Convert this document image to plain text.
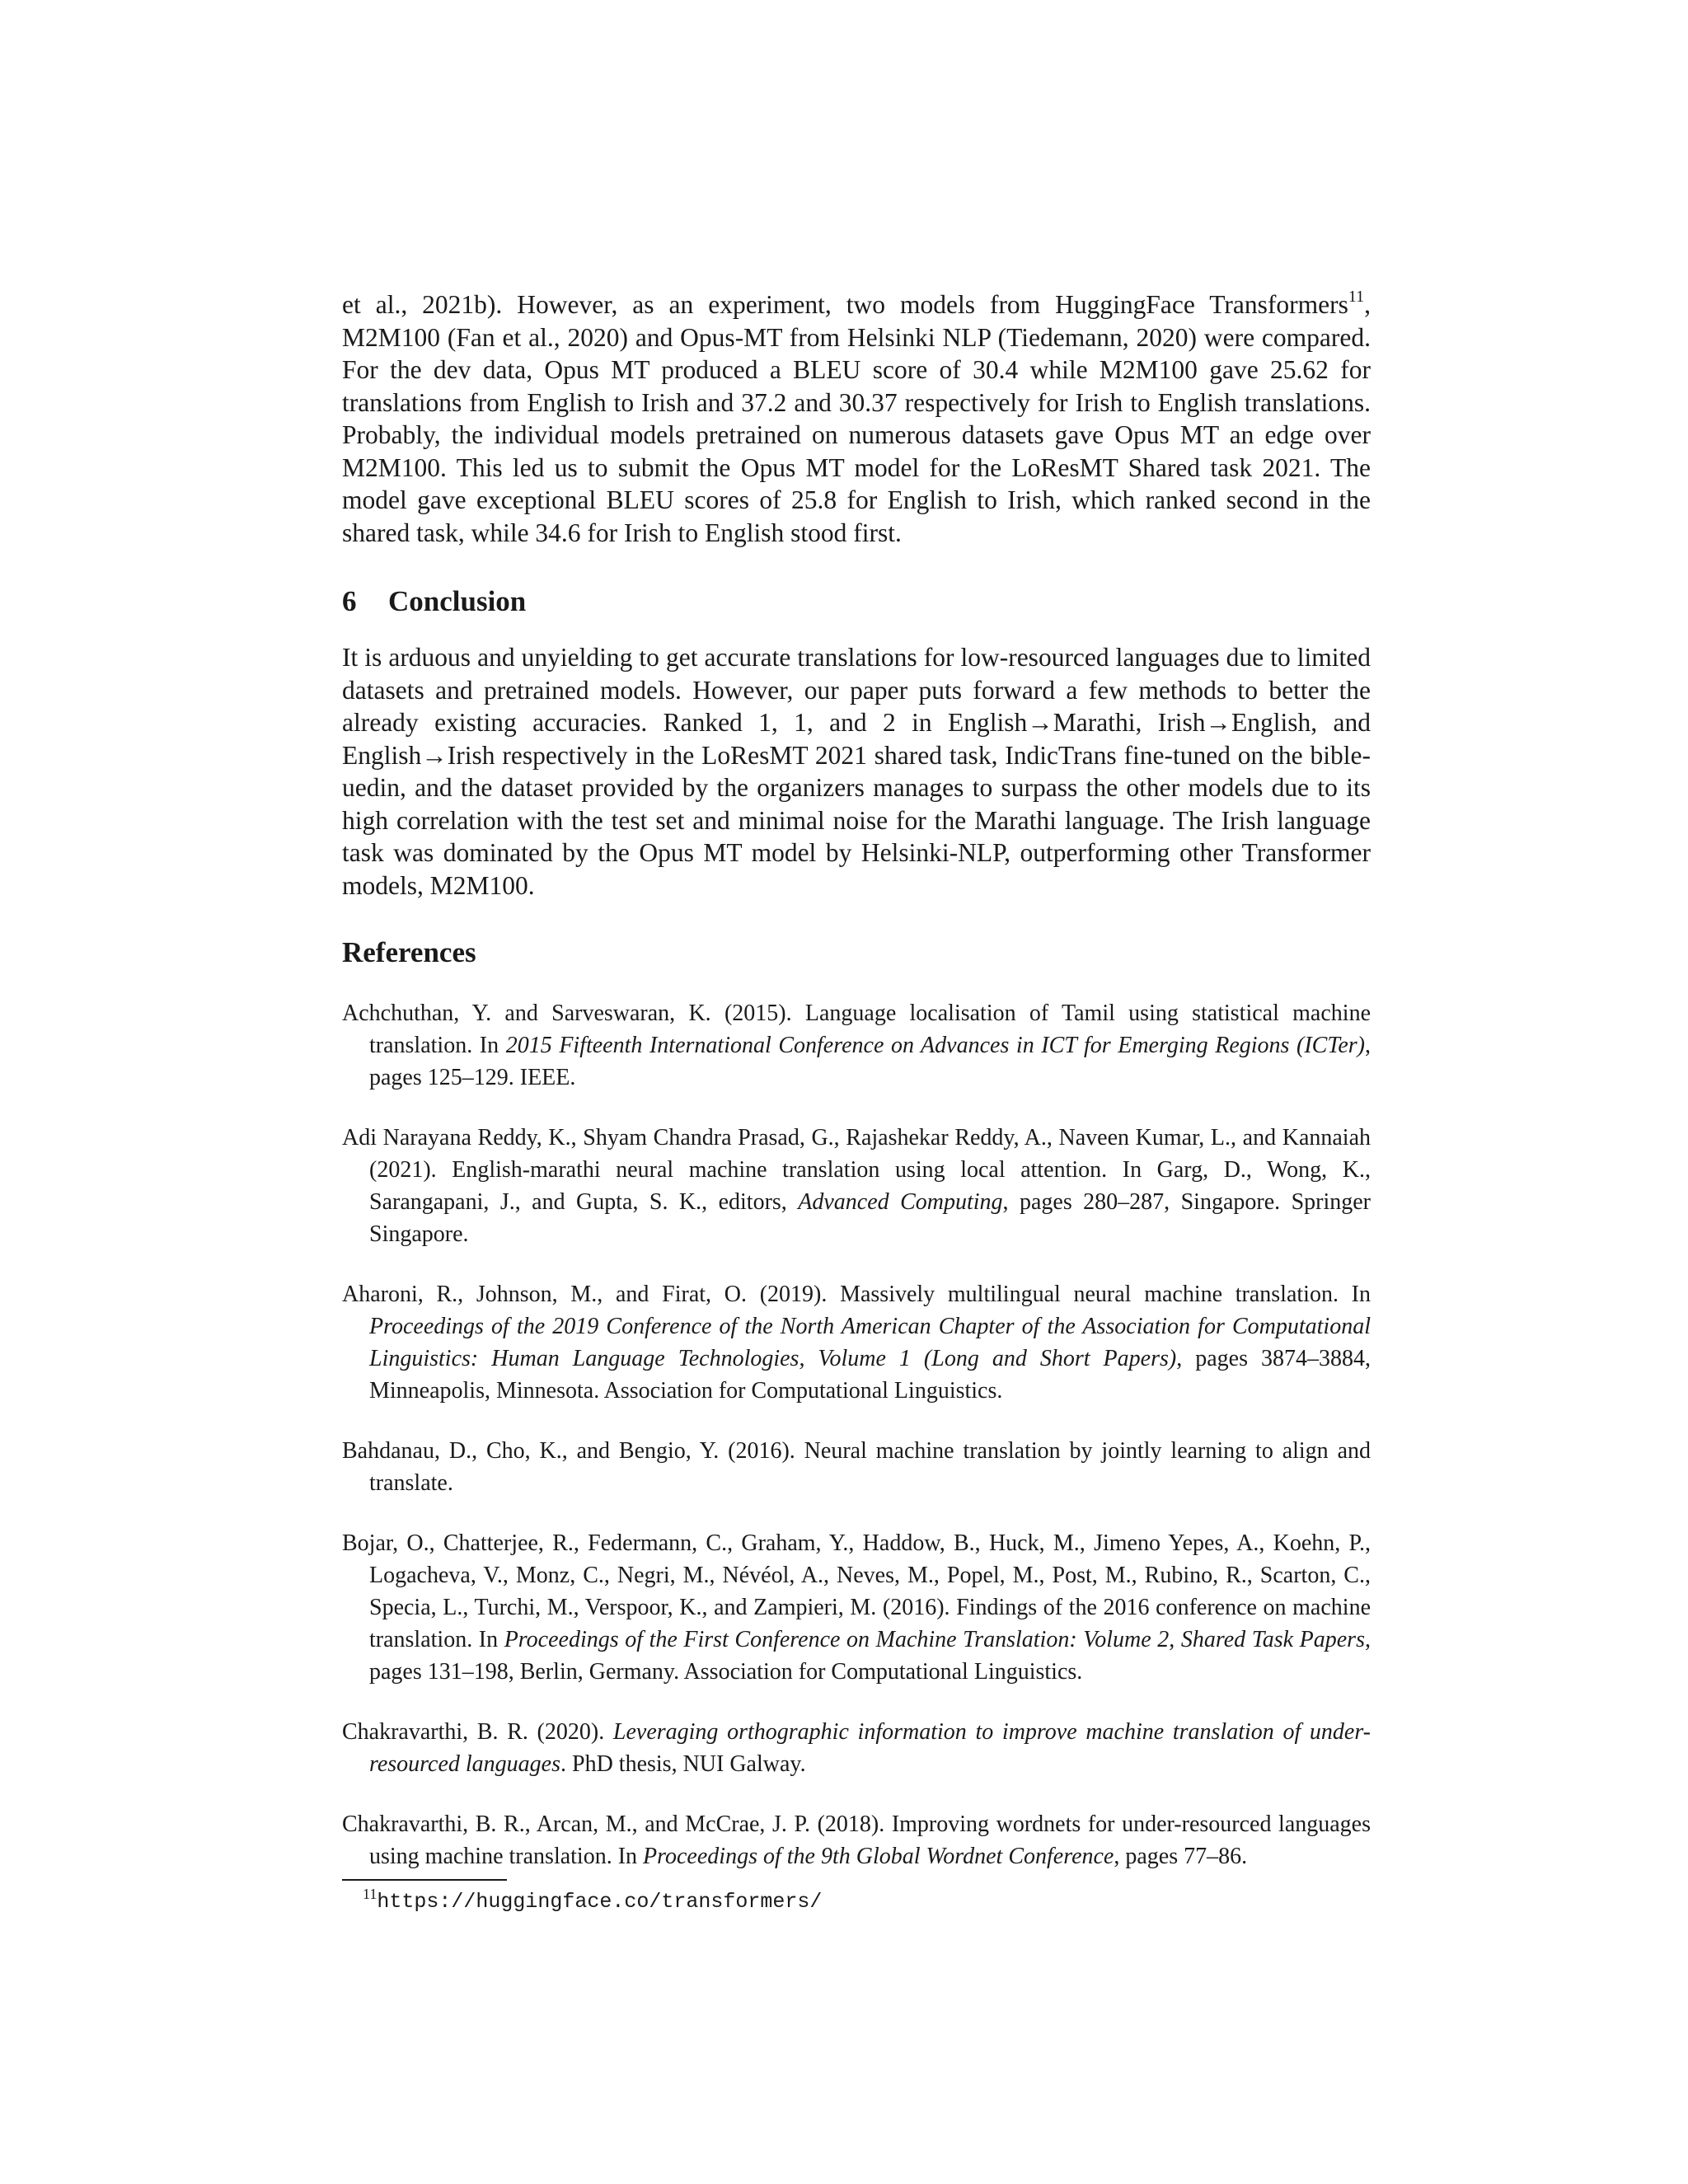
et al., 2021b). However, as an experiment, two models from HuggingFace Transformers$^{11}$, M2M100 (Fan et al., 2020) and Opus-MT from Helsinki NLP (Tiedemann, 2020) were compared. For the dev data, Opus MT produced a BLEU score of 30.4 while M2M100 gave 25.62 for translations from English to Irish and 37.2 and 30.37 respectively for Irish to English translations. Probably, the individual models pretrained on numerous datasets gave Opus MT an edge over M2M100. This led us to submit the Opus MT model for the LoResMT Shared task 2021. The model gave exceptional BLEU scores of 25.8 for English to Irish, which ranked second in the shared task, while 34.6 for Irish to English stood first.

6 Conclusion

It is arduous and unyielding to get accurate translations for low-resourced languages due to limited datasets and pretrained models. However, our paper puts forward a few methods to better the already existing accuracies. Ranked 1, 1, and 2 in English→Marathi, Irish→English, and English→Irish respectively in the LoResMT 2021 shared task, IndicTrans fine-tuned on the bible-uedin, and the dataset provided by the organizers manages to surpass the other models due to its high correlation with the test set and minimal noise for the Marathi language. The Irish language task was dominated by the Opus MT model by Helsinki-NLP, outperforming other Transformer models, M2M100.

References

Achchuthan, Y. and Sarveswaran, K. (2015). Language localisation of Tamil using statistical machine translation. In 2015 Fifteenth International Conference on Advances in ICT for Emerging Regions (ICTer), pages 125–129. IEEE.

Adi Narayana Reddy, K., Shyam Chandra Prasad, G., Rajashekar Reddy, A., Naveen Kumar, L., and Kannaiah (2021). English-marathi neural machine translation using local attention. In Garg, D., Wong, K., Sarangapani, J., and Gupta, S. K., editors, Advanced Computing, pages 280–287, Singapore. Springer Singapore.

Aharoni, R., Johnson, M., and Firat, O. (2019). Massively multilingual neural machine translation. In Proceedings of the 2019 Conference of the North American Chapter of the Association for Computational Linguistics: Human Language Technologies, Volume 1 (Long and Short Papers), pages 3874–3884, Minneapolis, Minnesota. Association for Computational Linguistics.

Bahdanau, D., Cho, K., and Bengio, Y. (2016). Neural machine translation by jointly learning to align and translate.

Bojar, O., Chatterjee, R., Federmann, C., Graham, Y., Haddow, B., Huck, M., Jimeno Yepes, A., Koehn, P., Logacheva, V., Monz, C., Negri, M., Névéol, A., Neves, M., Popel, M., Post, M., Rubino, R., Scarton, C., Specia, L., Turchi, M., Verspoor, K., and Zampieri, M. (2016). Findings of the 2016 conference on machine translation. In Proceedings of the First Conference on Machine Translation: Volume 2, Shared Task Papers, pages 131–198, Berlin, Germany. Association for Computational Linguistics.

Chakravarthi, B. R. (2020). Leveraging orthographic information to improve machine translation of under-resourced languages. PhD thesis, NUI Galway.

Chakravarthi, B. R., Arcan, M., and McCrae, J. P. (2018). Improving wordnets for under-resourced languages using machine translation. In Proceedings of the 9th Global Wordnet Conference, pages 77–86.

$^{11}$https://huggingface.co/transformers/
